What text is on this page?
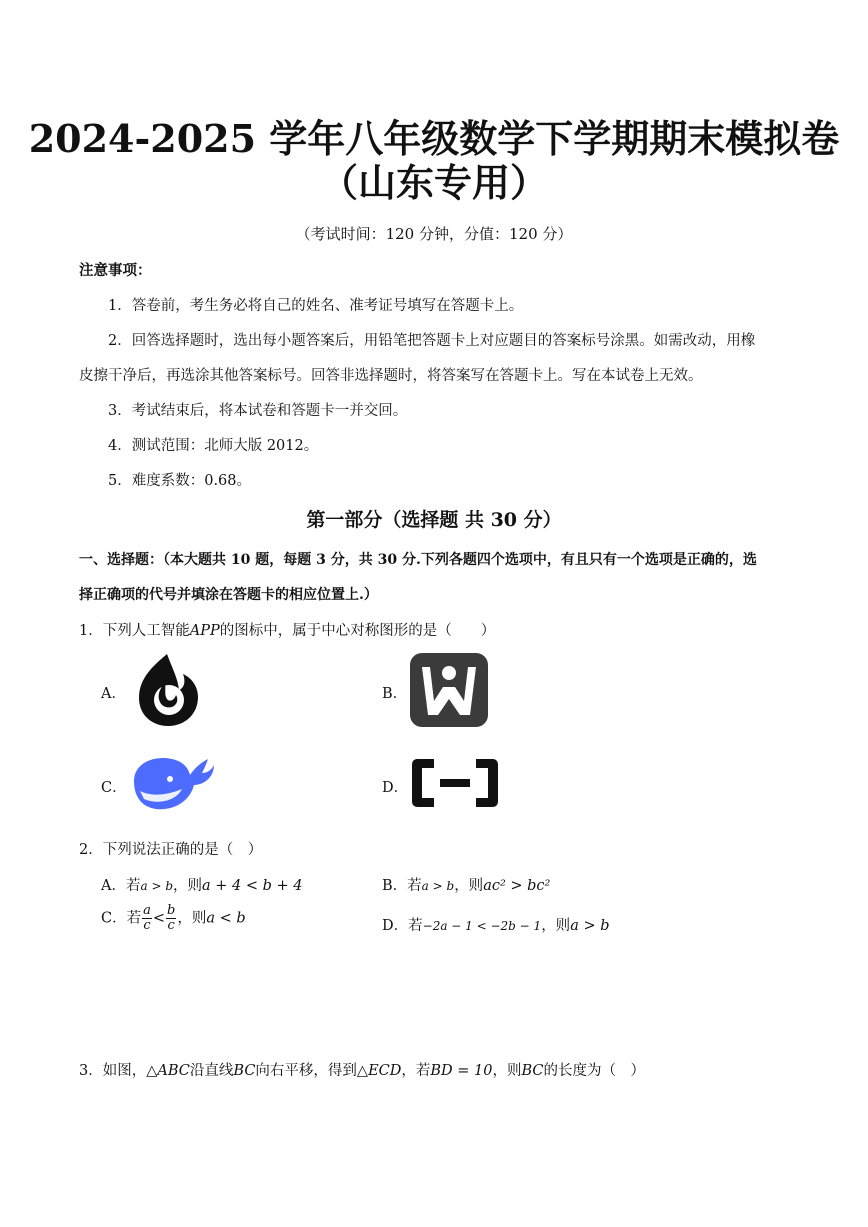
2024-2025 学年八年级数学下学期期末模拟卷
（山东专用）
（考试时间：120 分钟，分值：120 分）
注意事项：
1．答卷前，考生务必将自己的姓名、准考证号填写在答题卡上。
2．回答选择题时，选出每小题答案后，用铅笔把答题卡上对应题目的答案标号涂黑。如需改动，用橡
皮擦干净后，再选涂其他答案标号。回答非选择题时，将答案写在答题卡上。写在本试卷上无效。
3．考试结束后，将本试卷和答题卡一并交回。
4．测试范围：北师大版 2012。
5．难度系数：0.68。
第一部分（选择题 共 30 分）
一、选择题：（本大题共 10 题，每题 3 分，共 30 分.下列各题四个选项中，有且只有一个选项是正确的，选
择正确项的代号并填涂在答题卡的相应位置上.）
1．下列人工智能APP的图标中，属于中心对称图形的是（　　）
A．	B．
C．	D．
2．下列说法正确的是（　）
A．若a > b，则a + 4 < b + 4	B．若a > b，则ac² > bc²
C．若 $\frac{a}{c} < \frac{b}{c}$ ，则a < b	D．若−2a − 1 < −2b − 1，则a > b
3．如图，△ABC沿直线BC向右平移，得到△ECD，若BD = 10，则BC的长度为（　）
